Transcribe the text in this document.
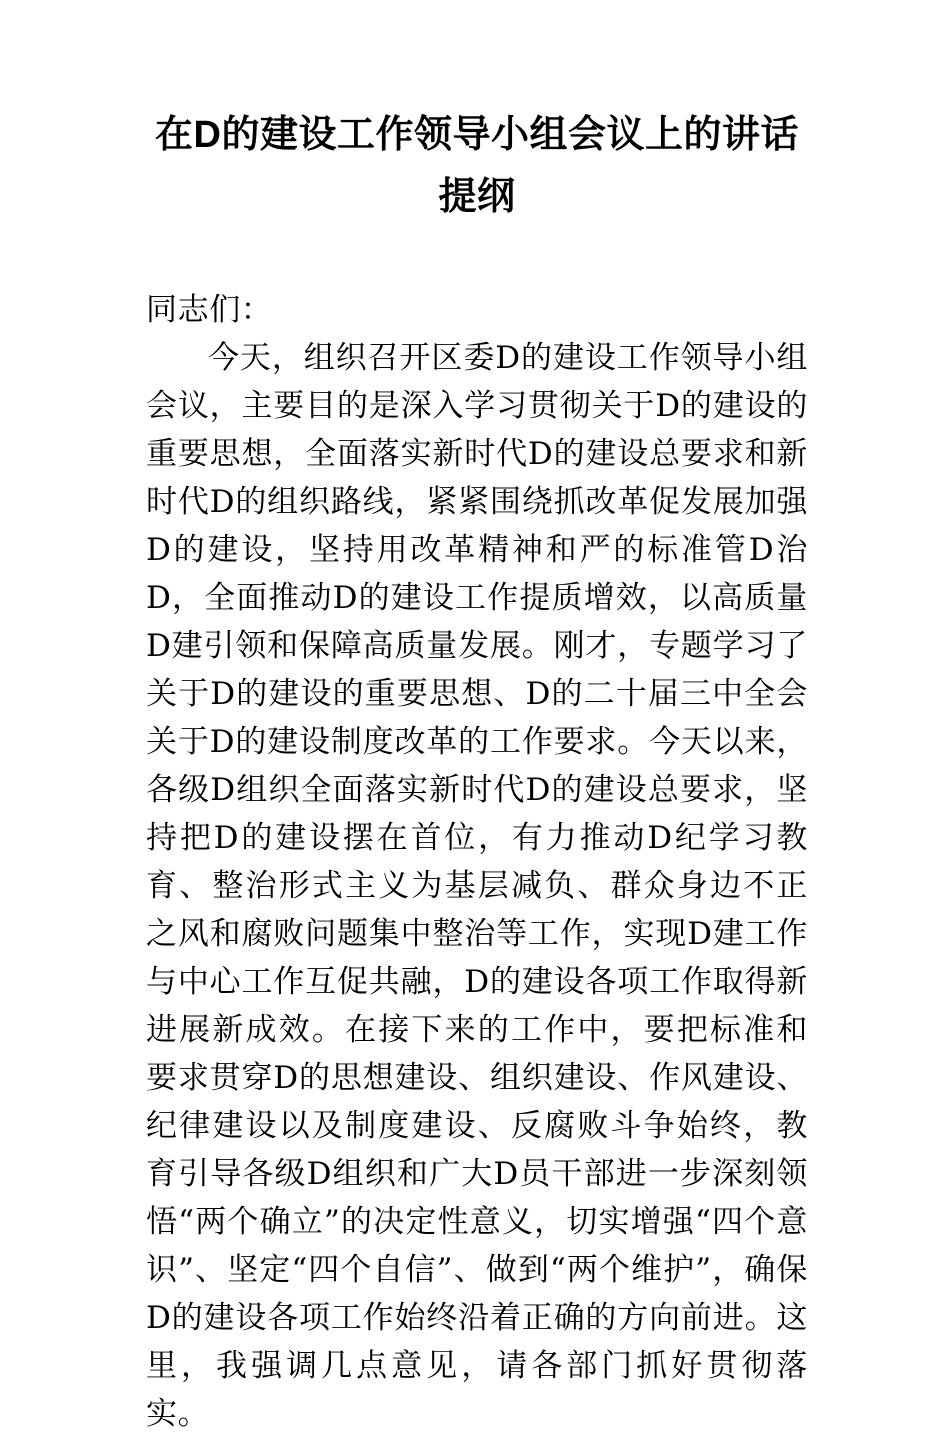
在D的建设工作领导小组会议上的讲话提纲

同志们：

今天，组织召开区委D的建设工作领导小组会议，主要目的是深入学习贯彻关于D的建设的重要思想，全面落实新时代D的建设总要求和新时代D的组织路线，紧紧围绕抓改革促发展加强D的建设，坚持用改革精神和严的标准管D治D，全面推动D的建设工作提质增效，以高质量D建引领和保障高质量发展。刚才，专题学习了关于D的建设的重要思想、D的二十届三中全会关于D的建设制度改革的工作要求。今天以来，各级D组织全面落实新时代D的建设总要求，坚持把D的建设摆在首位，有力推动D纪学习教育、整治形式主义为基层减负、群众身边不正之风和腐败问题集中整治等工作，实现D建工作与中心工作互促共融，D的建设各项工作取得新进展新成效。在接下来的工作中，要把标准和要求贯穿D的思想建设、组织建设、作风建设、纪律建设以及制度建设、反腐败斗争始终，教育引导各级D组织和广大D员干部进一步深刻领悟“两个确立”的决定性意义，切实增强“四个意识”、坚定“四个自信”、做到“两个维护”，确保D的建设各项工作始终沿着正确的方向前进。这里，我强调几点意见，请各部门抓好贯彻落实。
